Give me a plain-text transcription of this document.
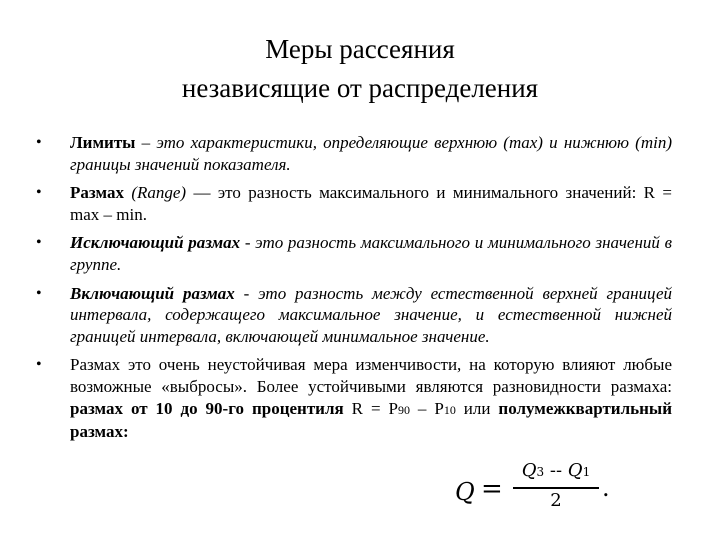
Меры рассеяния
независящие от распределения
• Лимиты – это характеристики, определяющие верхнюю (max) и нижнюю (min) границы значений показателя.
• Размах (Range) — это разность максимального и минимального значений: R = max – min.
• Исключающий размах - это разность максимального и минимального значений в группе.
• Включающий размах - это разность между естественной верхней границей интервала, содержащего максимальное значение, и естественной нижней границей интервала, включающей минимальное значение.
• Размах это очень неустойчивая мера изменчивости, на которую влияют любые возможные «выбросы». Более устойчивыми являются разновидности размаха: размах от 10 до 90-го процентиля R = P90 – P10 или полумежквартильный размах:
Q =
Q3 -- Q1
2	.
